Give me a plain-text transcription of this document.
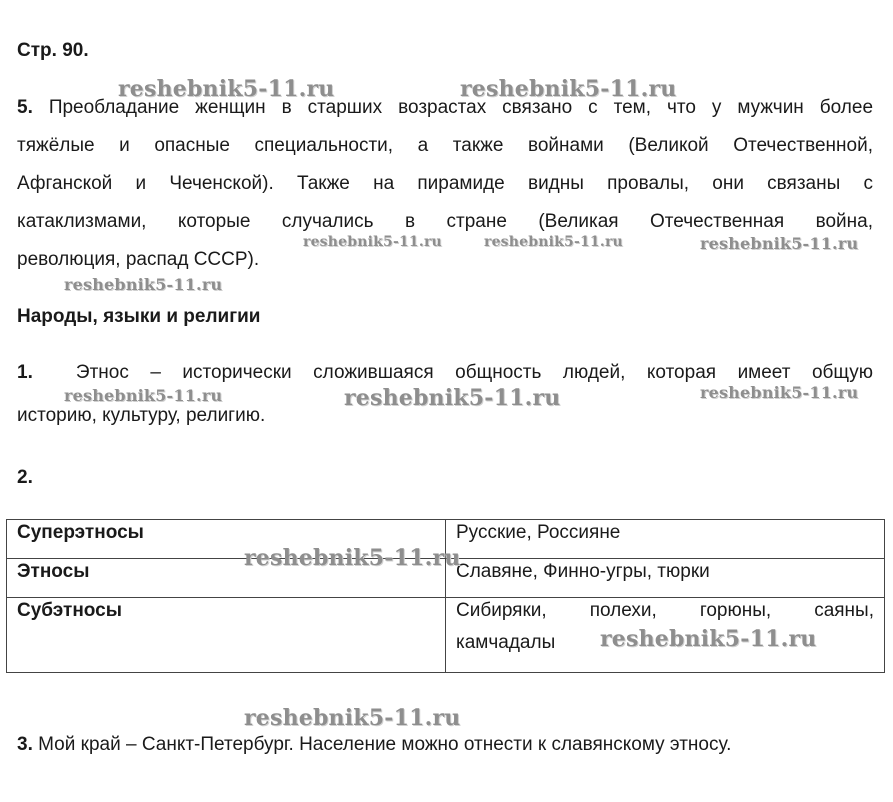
Стр. 90.
5. Преобладание женщин в старших возрастах связано с тем, что у мужчин более
тяжёлые и опасные специальности, а также войнами (Великой Отечественной,
Афганской и Чеченской). Также на пирамиде видны провалы, они связаны с
катаклизмами, которые случались в стране (Великая Отечественная война,
революция, распад СССР).
Народы, языки и религии
1. Этнос – исторически сложившаяся общность людей, которая имеет общую
историю, культуру, религию.
2.
Суперэтносы	Русские, Россияне
Этносы	Славяне, Финно-угры, тюрки
Субэтносы	Сибиряки, полехи, горюны, саяны,
камчадалы
3. Мой край – Санкт-Петербург. Население можно отнести к славянскому этносу.
reshebnik5-11.ru	reshebnik5-11.ru
reshebnik5-11.ru	reshebnik5-11.ru	reshebnik5-11.ru
reshebnik5-11.ru
reshebnik5-11.ru	reshebnik5-11.ru	reshebnik5-11.ru
reshebnik5-11.ru
reshebnik5-11.ru
reshebnik5-11.ru
